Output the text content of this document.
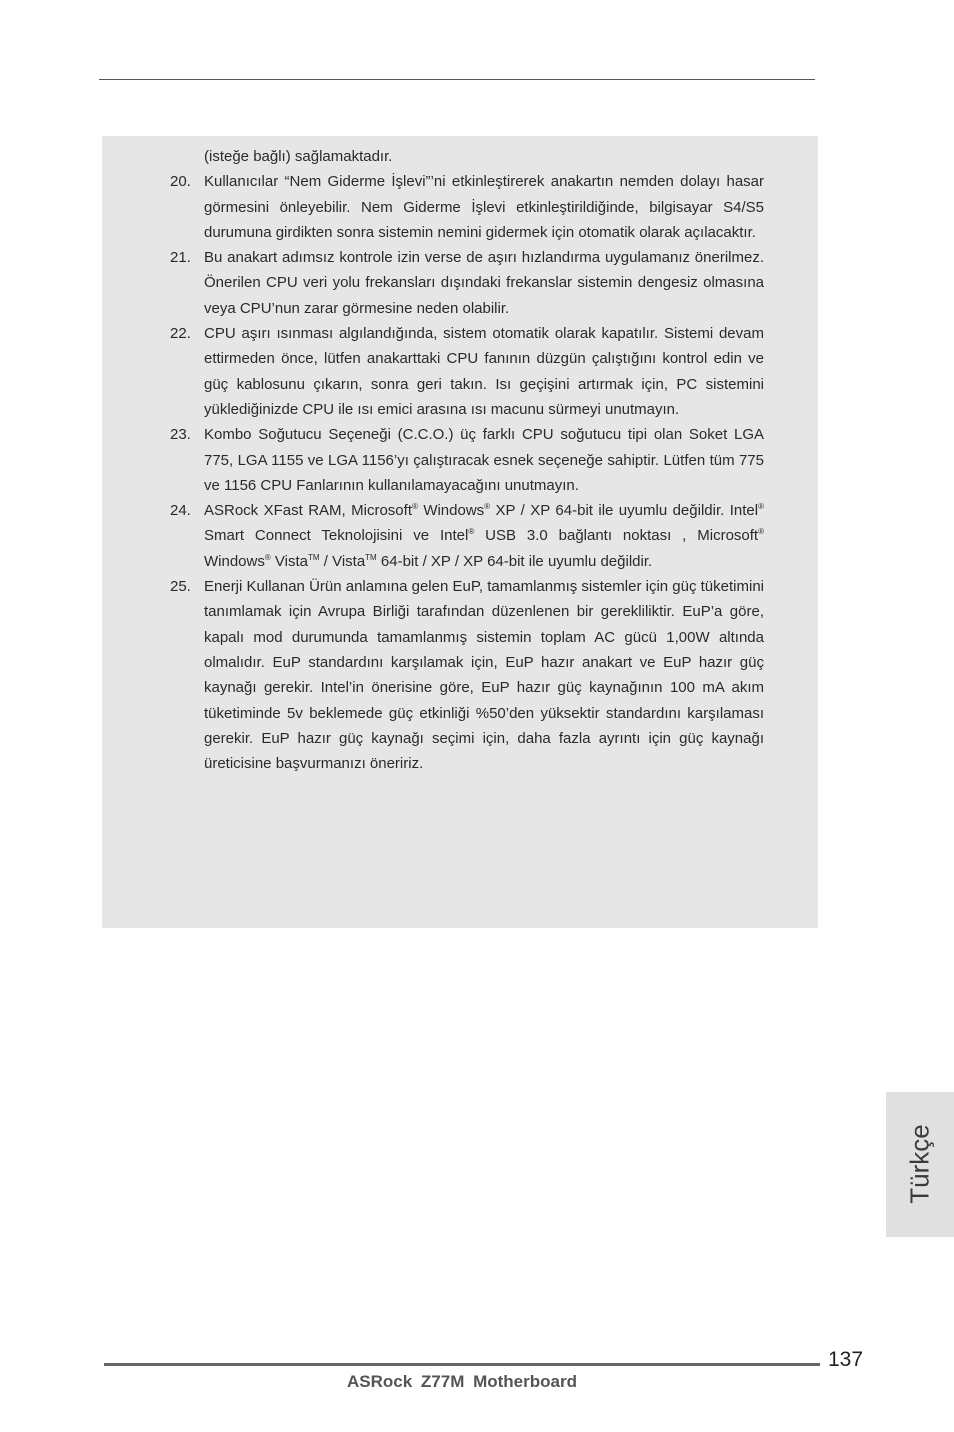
(isteğe bağlı) sağlamaktadır.
20. Kullanıcılar “Nem Giderme İşlevi”’ni etkinleştirerek anakartın nemden dolayı hasar görmesini önleyebilir. Nem Giderme İşlevi etkinleştirildiğinde, bilgisayar S4/S5 durumuna girdikten sonra sistemin nemini gidermek için otomatik olarak açılacaktır.
21. Bu anakart adımsız kontrole izin verse de aşırı hızlandırma uygulamanız önerilmez. Önerilen CPU veri yolu frekansları dışındaki frekanslar sistemin dengesiz olmasına veya CPU’nun zarar görmesine neden olabilir.
22. CPU aşırı ısınması algılandığında, sistem otomatik olarak kapatılır. Sistemi devam ettirmeden önce, lütfen anakarttaki CPU fanının düzgün çalıştığını kontrol edin ve güç kablosunu çıkarın, sonra geri takın. Isı geçişini artırmak için, PC sistemini yüklediğinizde CPU ile ısı emici arasına ısı macunu sürmeyi unutmayın.
23. Kombo Soğutucu Seçeneği (C.C.O.) üç farklı CPU soğutucu tipi olan Soket LGA 775, LGA 1155 ve LGA 1156’yı çalıştıracak esnek seçeneğe sahiptir. Lütfen tüm 775 ve 1156 CPU Fanlarının kullanılamayacağını unutmayın.
24. ASRock XFast RAM, Microsoft® Windows® XP / XP 64-bit ile uyumlu değildir. Intel® Smart Connect Teknolojisini ve Intel® USB 3.0 bağlantı noktası , Microsoft® Windows® Vista™ / Vista™ 64-bit / XP / XP 64-bit ile uyumlu değildir.
25. Enerji Kullanan Ürün anlamına gelen EuP, tamamlanmış sistemler için güç tüketimini tanımlamak için Avrupa Birliği tarafından düzenlenen bir gerekliliktir. EuP’a göre, kapalı mod durumunda tamamlanmış sistemin toplam AC gücü 1,00W altında olmalıdır. EuP standardını karşılamak için, EuP hazır anakart ve EuP hazır güç kaynağı gerekir. Intel’in önerisine göre, EuP hazır güç kaynağının 100 mA akım tüketiminde 5v beklemede güç etkinliği %50’den yüksektir standardını karşılaması gerekir. EuP hazır güç kaynağı seçimi için, daha fazla ayrıntı için güç kaynağı üreticisine başvurmanızı öneririz.
Türkçe
137
ASRock Z77M Motherboard
